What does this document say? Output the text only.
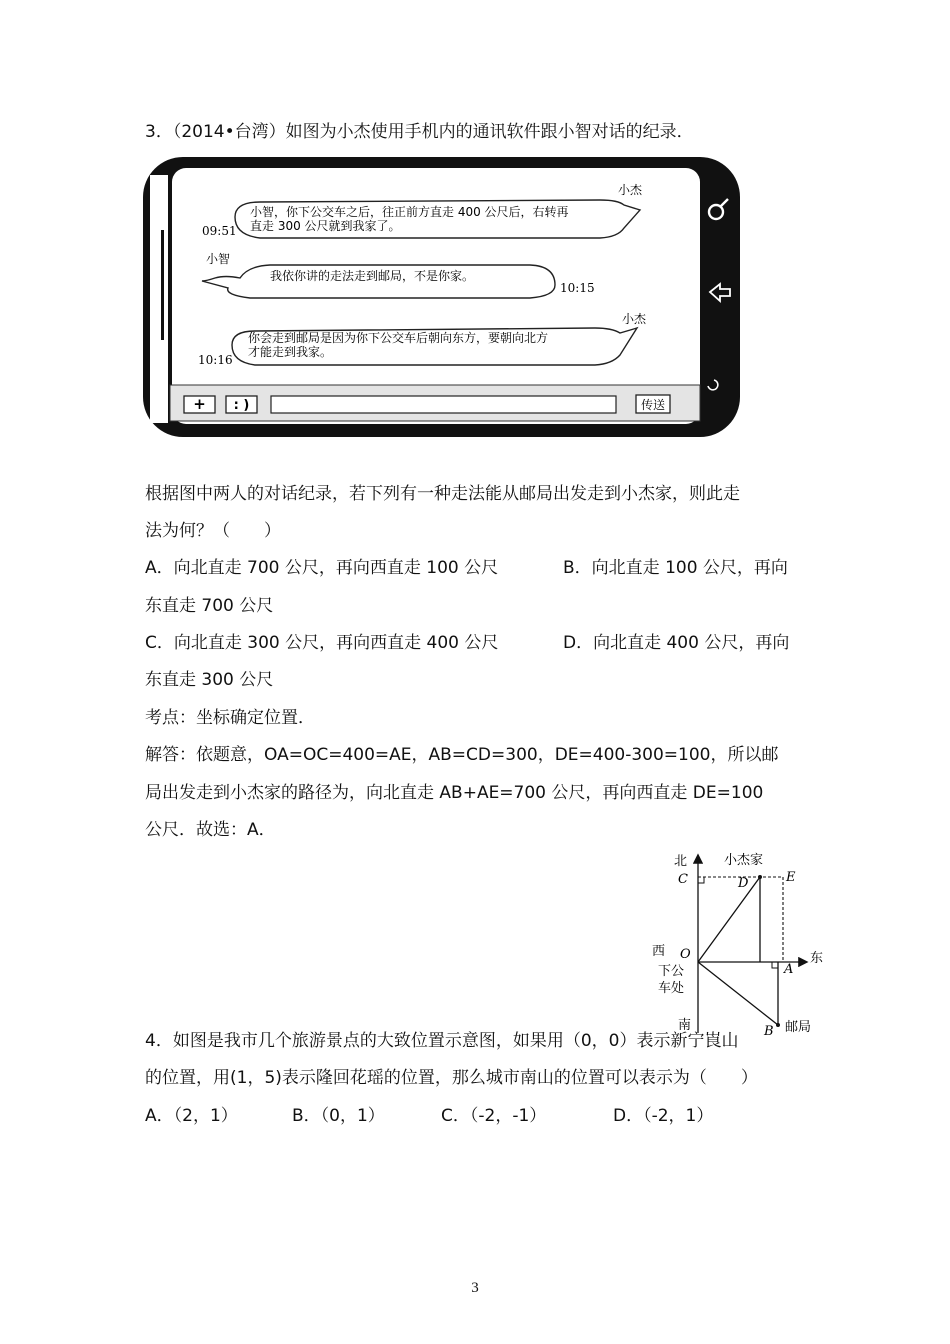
3．（2014•台湾）如图为小杰使用手机内的通讯软件跟小智对话的纪录．
小智，你下公交车之后，往正前方直走 400 公尺后，右转再
直走 300 公尺就到我家了。
小杰
09:51
我依你讲的走法走到邮局，不是你家。
小智
10:15
你会走到邮局是因为你下公交车后朝向东方，要朝向北方
才能走到我家。
小杰
10:16
+ : )	传送
根据图中两人的对话纪录，若下列有一种走法能从邮局出发走到小杰家，则此走
法为何？（　　）
A．向北直走 700 公尺，再向西直走 100 公尺	B．向北直走 100 公尺，再向
东直走 700 公尺
C．向北直走 300 公尺，再向西直走 400 公尺	D．向北直走 400 公尺，再向
东直走 300 公尺
考点：坐标确定位置．
解答：依题意，OA=OC=400=AE，AB=CD=300，DE=400-300=100，所以邮
局出发走到小杰家的路径为，向北直走 AB+AE=700 公尺，再向西直走 DE=100
公尺．故选：A．
北	小杰家
C	D	E
西 O	东
A
下公
车处
南	B 邮局
4．如图是我市几个旅游景点的大致位置示意图，如果用（0，0）表示新宁崀山
的位置，用(1，5)表示隆回花瑶的位置，那么城市南山的位置可以表示为（　　）
A．（2，1）	B．（0，1）	C．（-2，-1）	D．（-2，1）
3
